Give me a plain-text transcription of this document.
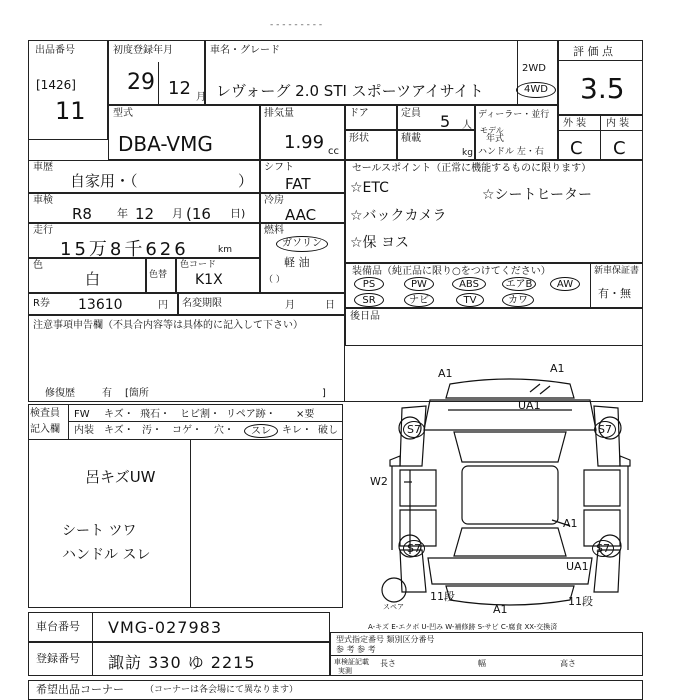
- - - - - - - - -
出品番号
[1426]
11
初度登録年月
29 12 月
車名・グレード
レヴォーグ 2.0 STI スポーツアイサイト
2WD
4WD
評 価 点
3.5
型式
DBA-VMG
排気量
1.99 cc
ドア	定員 5 人
ディーラー・並行
モデル
年式
ハンドル 左・右
形状	積載
kg
外 装 内 装
C C
車歴
自家用・（	）
シフト
FAT
車検
R8 年 12 月 (16 日)
冷房
AAC
走行
15万8千626	km
燃料
ガソリン
軽 油
（ ）
色
白	色替
色コード
K1X
R券 13610	円 名変期限	月	日
注意事項申告欄（不具合内容等は具体的に記入して下さい）
修復歴	有 [箇所	]
セールスポイント（正常に機能するものに限ります）
☆ETC	☆シートヒーター
☆バックカメラ
☆保 ヨス
装備品（純正品に限り○をつけてください）	新車保証書
有・無
PS	PW	ABS	エアB	AW
SR	ナビ	TV	カワ
後日品
検査員
記入欄
FW キズ・ 飛石・ ヒビ割・ リペア跡・ ×要
内装 キズ・ 汚・ コゲ・ 穴・	スレ	キレ・ 破し
呂キズUW
シート ツワ
ハンドル スレ
A1	A1
UA1
S7	S7
W2
A1
S7	S7
UA1
11段	11段
A1
スペア
A-キズ E-エクボ U-凹み W-補修跡 S-サビ C-腐食 XX-交換済
型式指定番号 類別区分番号
参 考 参 考
車検証記載
実測
長さ	幅	高さ
車台番号 VMG-027983
登録番号 諏訪 330 ゆ 2215
希望出品コーナー （コーナーは各会場にて異なります）
